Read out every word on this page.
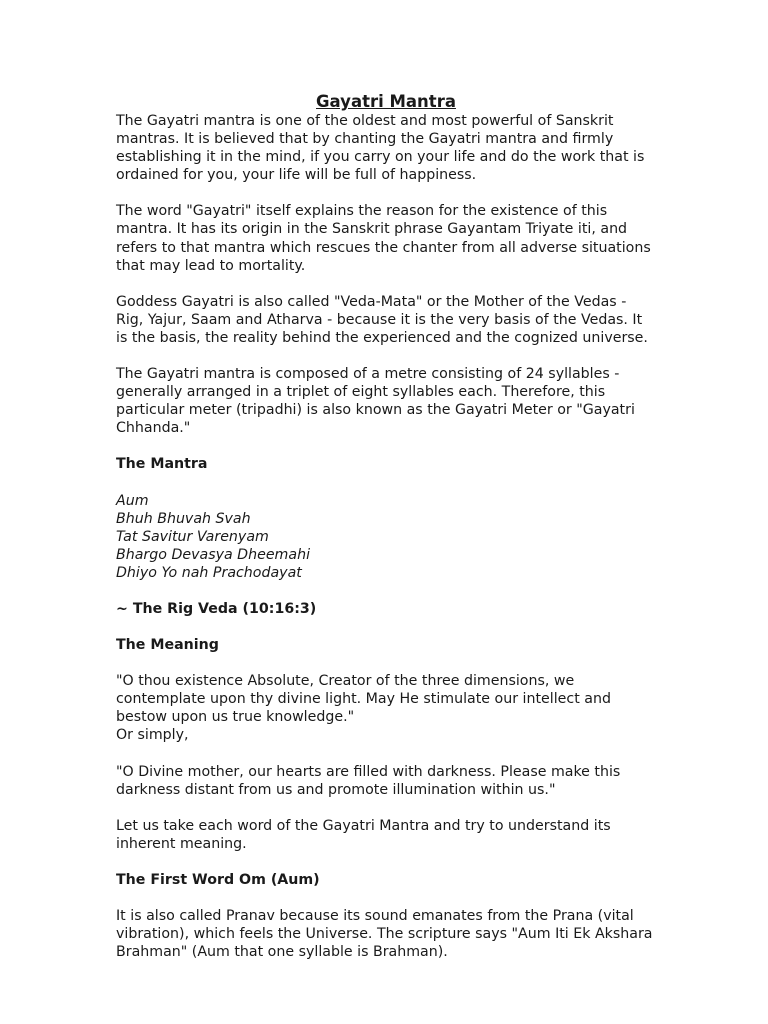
Gayatri Mantra

The Gayatri mantra is one of the oldest and most powerful of Sanskrit mantras. It is believed that by chanting the Gayatri mantra and firmly establishing it in the mind, if you carry on your life and do the work that is ordained for you, your life will be full of happiness.

The word "Gayatri" itself explains the reason for the existence of this mantra. It has its origin in the Sanskrit phrase Gayantam Triyate iti, and refers to that mantra which rescues the chanter from all adverse situations that may lead to mortality.

Goddess Gayatri is also called "Veda-Mata" or the Mother of the Vedas - Rig, Yajur, Saam and Atharva - because it is the very basis of the Vedas. It is the basis, the reality behind the experienced and the cognized universe.

The Gayatri mantra is composed of a metre consisting of 24 syllables - generally arranged in a triplet of eight syllables each. Therefore, this particular meter (tripadhi) is also known as the Gayatri Meter or "Gayatri Chhanda."

The Mantra
Aum
Bhuh Bhuvah Svah
Tat Savitur Varenyam
Bhargo Devasya Dheemahi
Dhiyo Yo nah Prachodayat
~ The Rig Veda (10:16:3)
The Meaning

"O thou existence Absolute, Creator of the three dimensions, we contemplate upon thy divine light. May He stimulate our intellect and bestow upon us true knowledge."

Or simply,

"O Divine mother, our hearts are filled with darkness. Please make this darkness distant from us and promote illumination within us."

Let us take each word of the Gayatri Mantra and try to understand its inherent meaning.

The First Word Om (Aum)

It is also called Pranav because its sound emanates from the Prana (vital vibration), which feels the Universe. The scripture says "Aum Iti Ek Akshara Brahman" (Aum that one syllable is Brahman).
